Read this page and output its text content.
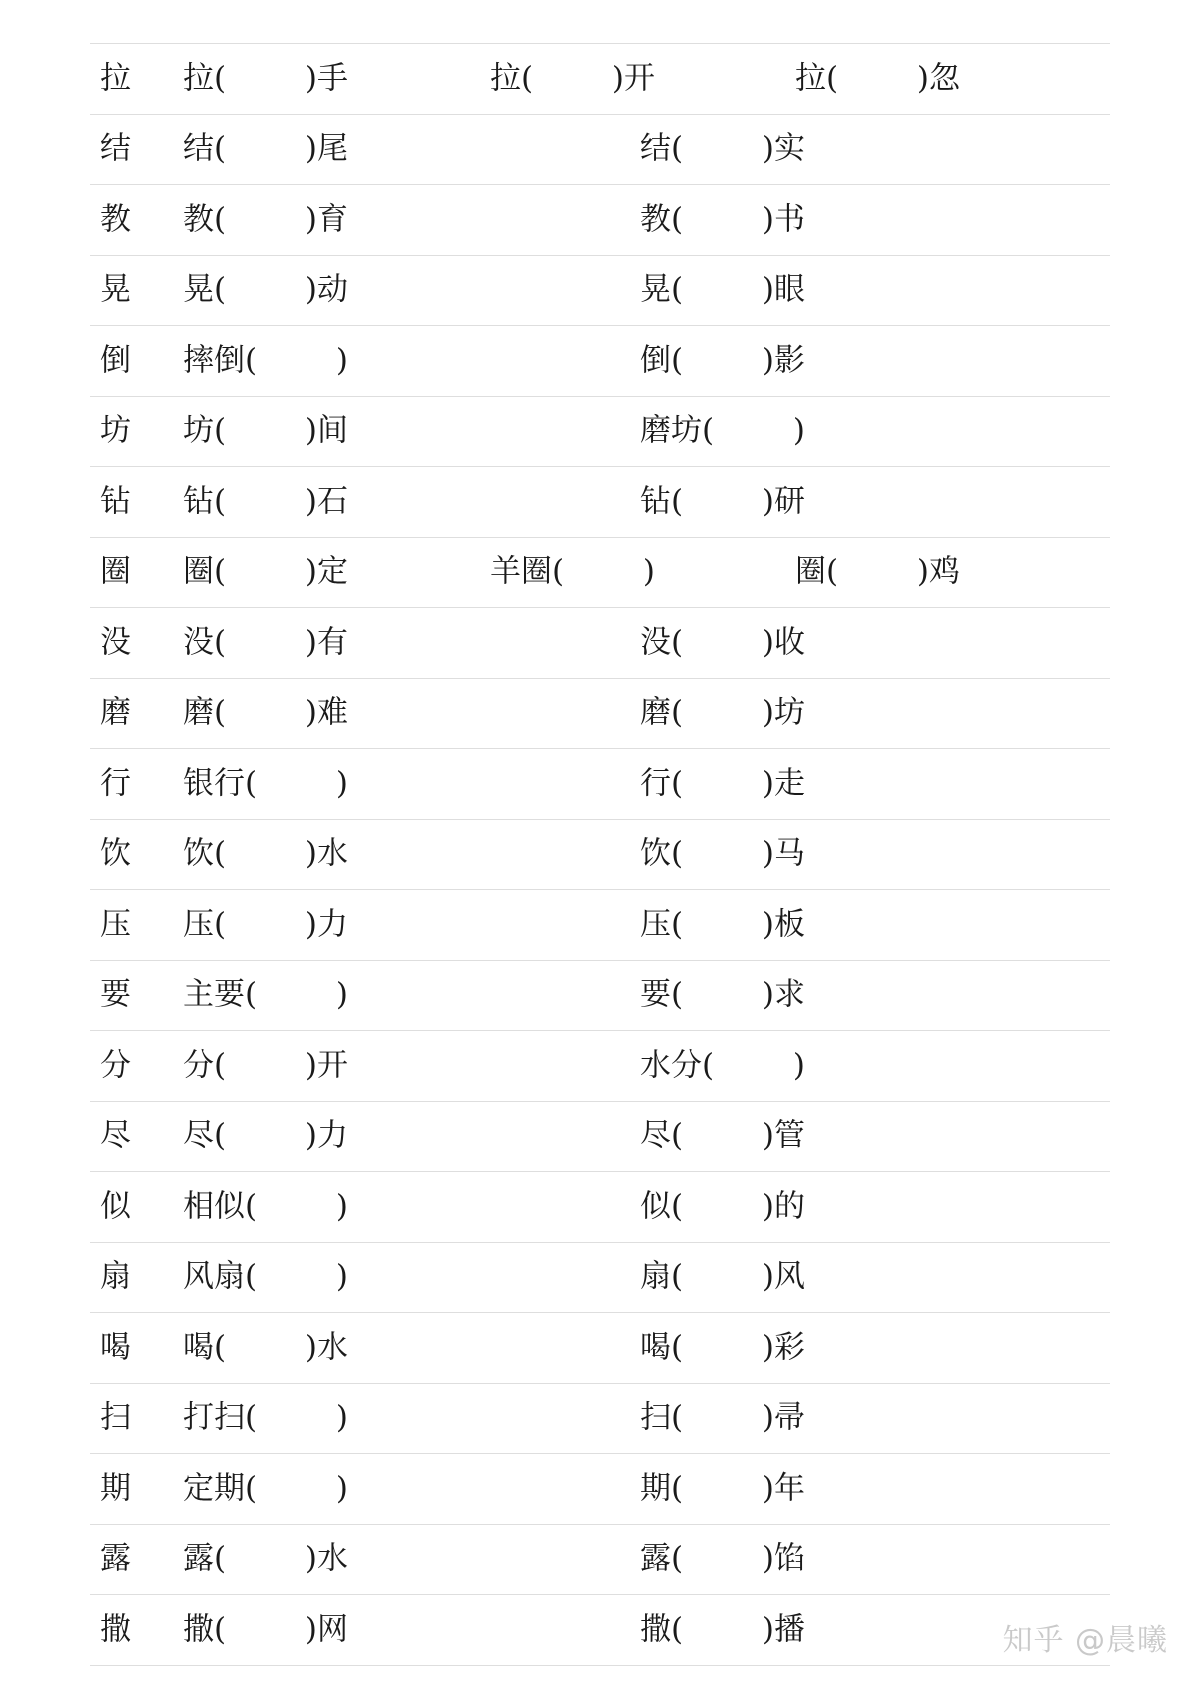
拉 拉(        )手	拉(        )开	拉(        )忽
结 结(        )尾	结(        )实
教 教(        )育	教(        )书
晃 晃(        )动	晃(        )眼
倒 摔倒(        )	倒(        )影
坊 坊(        )间	磨坊(        )
钻 钻(        )石	钻(        )研
圈 圈(        )定	羊圈(        )	圈(        )鸡
没 没(        )有	没(        )收
磨 磨(        )难	磨(        )坊
行 银行(        )	行(        )走
饮 饮(        )水	饮(        )马
压 压(        )力	压(        )板
要 主要(        )	要(        )求
分 分(        )开	水分(        )
尽 尽(        )力	尽(        )管
似 相似(        )	似(        )的
扇 风扇(        )	扇(        )风
喝 喝(        )水	喝(        )彩
扫 打扫(        )	扫(        )帚
期 定期(        )	期(        )年
露 露(        )水	露(        )馅
撒 撒(        )网	撒(        )播	知乎 @晨曦
